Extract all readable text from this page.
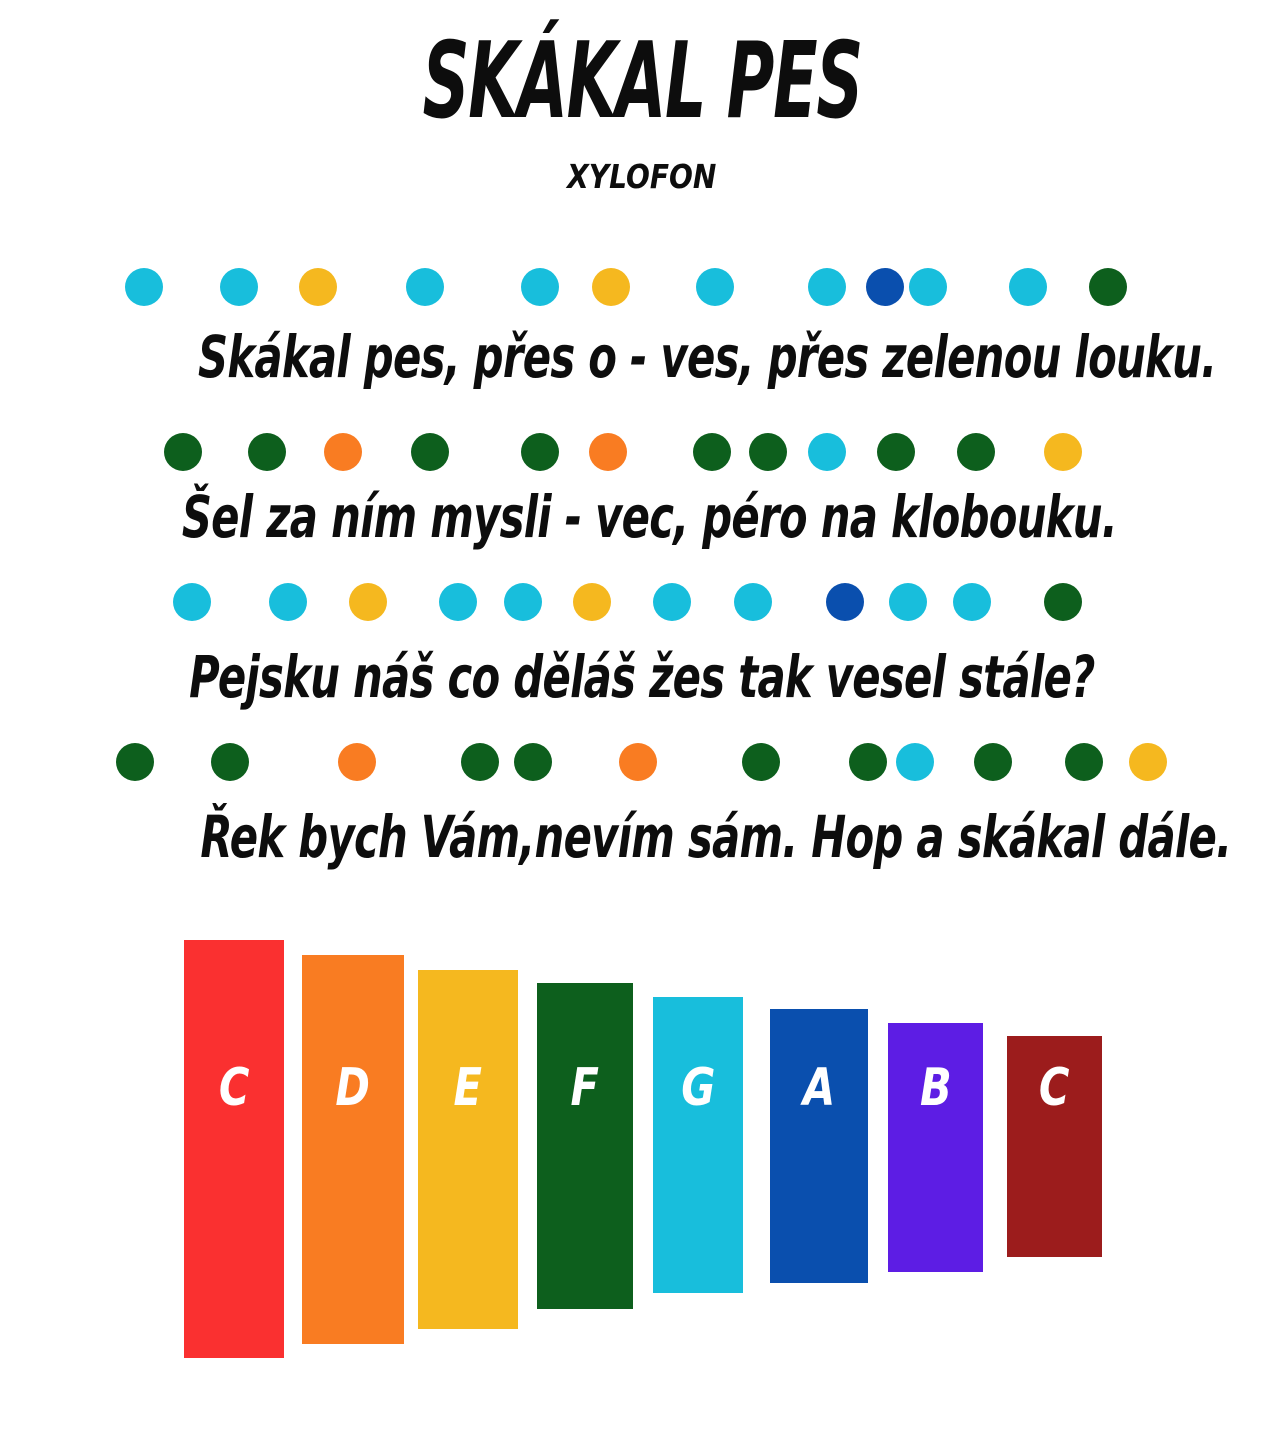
SKÁKAL PES
XYLOFON
Skákal pes, přes o - ves, přes zelenou louku.
Šel za ním mysli - vec, péro na klobouku.
Pejsku náš co děláš žes tak vesel stále?
Řek bych Vám,nevím sám. Hop a skákal dále.
C	D	E	F	G	A	B	C
